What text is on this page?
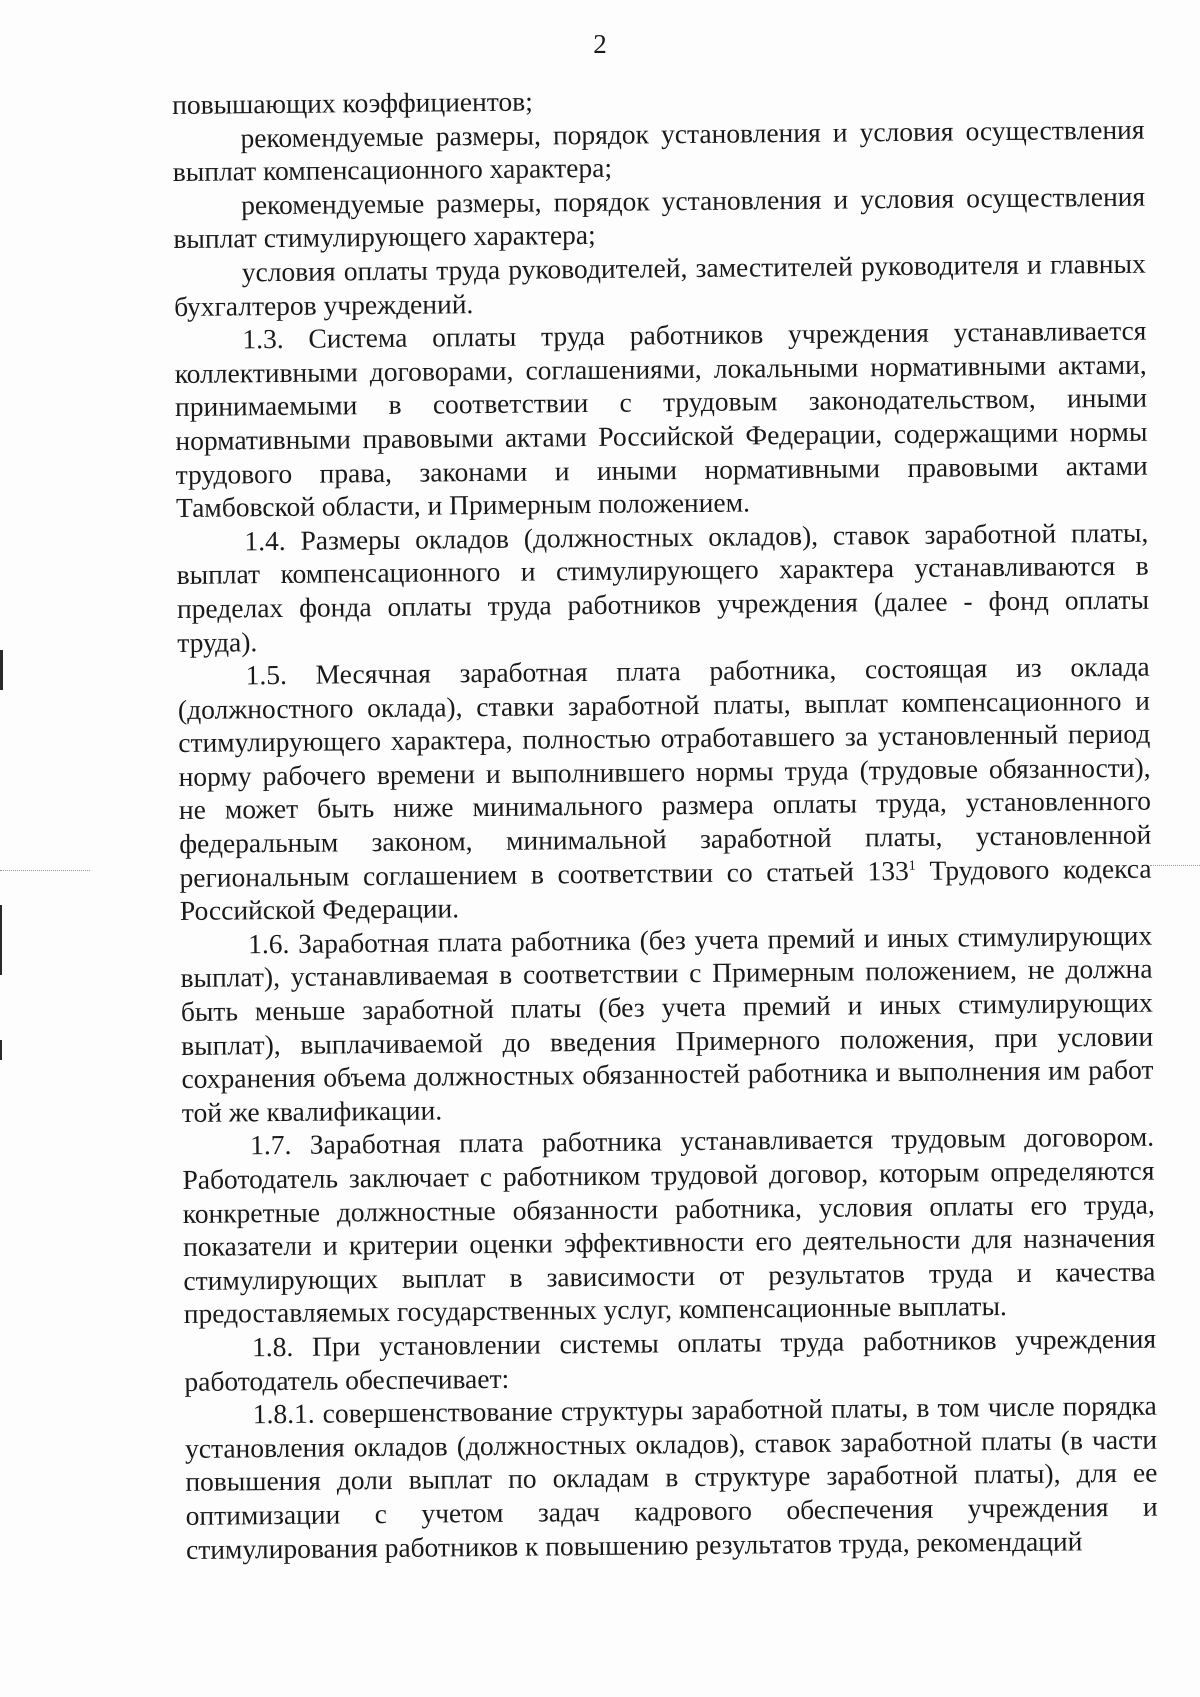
2

повышающих коэффициентов;

рекомендуемые размеры, порядок установления и условия осуществления выплат компенсационного характера;

рекомендуемые размеры, порядок установления и условия осуществления выплат стимулирующего характера;

условия оплаты труда руководителей, заместителей руководителя и главных бухгалтеров учреждений.

1.3. Система оплаты труда работников учреждения устанавливается коллективными договорами, соглашениями, локальными нормативными актами, принимаемыми в соответствии с трудовым законодательством, иными нормативными правовыми актами Российской Федерации, содержащими нормы трудового права, законами и иными нормативными правовыми актами Тамбовской области, и Примерным положением.

1.4. Размеры окладов (должностных окладов), ставок заработной платы, выплат компенсационного и стимулирующего характера устанавливаются в пределах фонда оплаты труда работников учреждения (далее - фонд оплаты труда).

1.5. Месячная заработная плата работника, состоящая из оклада (должностного оклада), ставки заработной платы, выплат компенсационного и стимулирующего характера, полностью отработавшего за установленный период норму рабочего времени и выполнившего нормы труда (трудовые обязанности), не может быть ниже минимального размера оплаты труда, установленного федеральным законом, минимальной заработной платы, установленной региональным соглашением в соответствии со статьей 133$^1$ Трудового кодекса Российской Федерации.

1.6. Заработная плата работника (без учета премий и иных стимулирующих выплат), устанавливаемая в соответствии с Примерным положением, не должна быть меньше заработной платы (без учета премий и иных стимулирующих выплат), выплачиваемой до введения Примерного положения, при условии сохранения объема должностных обязанностей работника и выполнения им работ той же квалификации.

1.7. Заработная плата работника устанавливается трудовым договором. Работодатель заключает с работником трудовой договор, которым определяются конкретные должностные обязанности работника, условия оплаты его труда, показатели и критерии оценки эффективности его деятельности для назначения стимулирующих выплат в зависимости от результатов труда и качества предоставляемых государственных услуг, компенсационные выплаты.

1.8. При установлении системы оплаты труда работников учреждения работодатель обеспечивает:

1.8.1. совершенствование структуры заработной платы, в том числе порядка установления окладов (должностных окладов), ставок заработной платы (в части повышения доли выплат по окладам в структуре заработной платы), для ее оптимизации с учетом задач кадрового обеспечения учреждения и стимулирования работников к повышению результатов труда, рекомендаций
